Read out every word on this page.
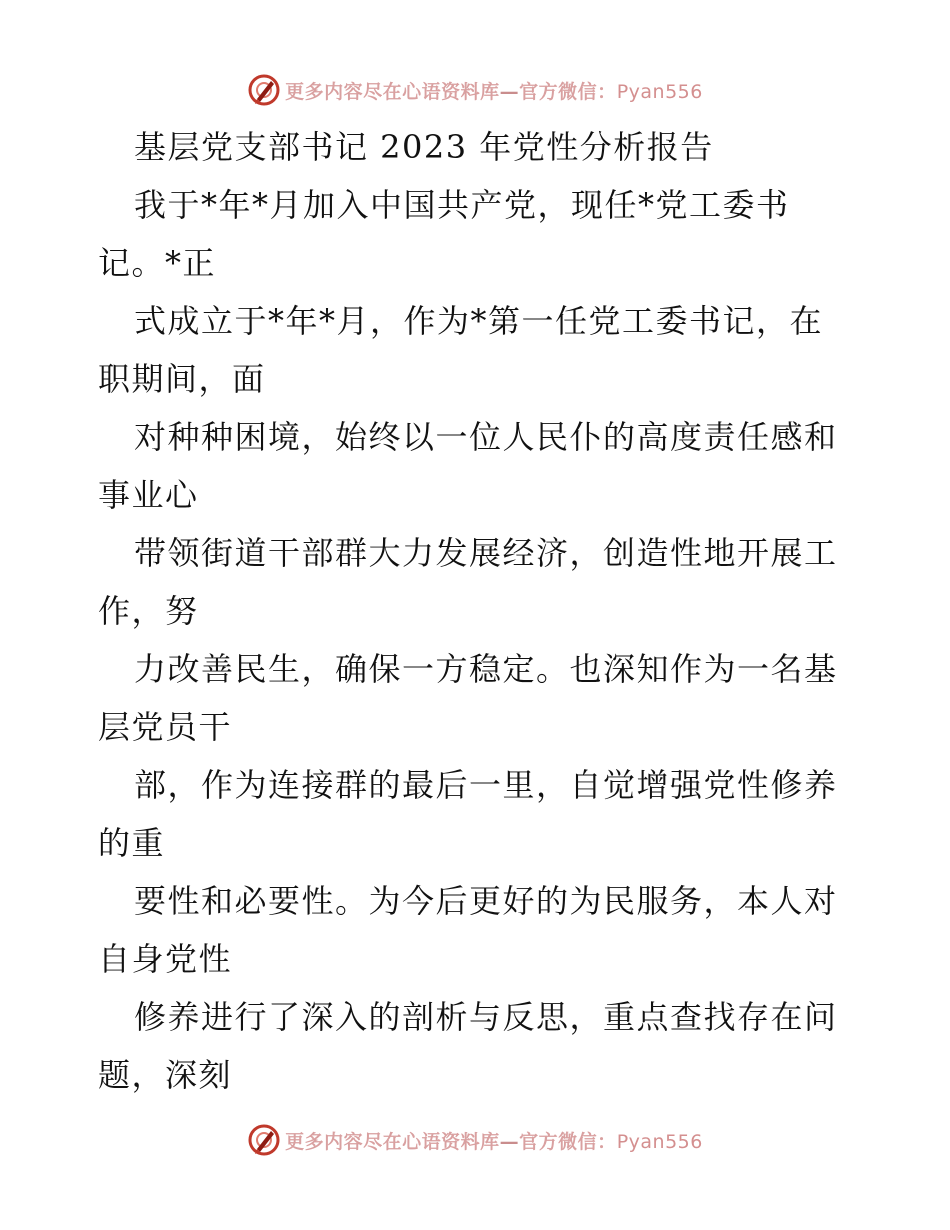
更多内容尽在心语资料库—官方微信：Pyan556
基层党支部书记 2023 年党性分析报告
我于*年*月加入中国共产党，现任*党工委书
记。*正
式成立于*年*月，作为*第一任党工委书记，在
职期间，面
对种种困境，始终以一位人民仆的高度责任感和
事业心
带领街道干部群大力发展经济，创造性地开展工
作，努
力改善民生，确保一方稳定。也深知作为一名基
层党员干
部，作为连接群的最后一里，自觉增强党性修养
的重
要性和必要性。为今后更好的为民服务，本人对
自身党性
修养进行了深入的剖析与反思，重点查找存在问
题，深刻
更多内容尽在心语资料库—官方微信：Pyan556
